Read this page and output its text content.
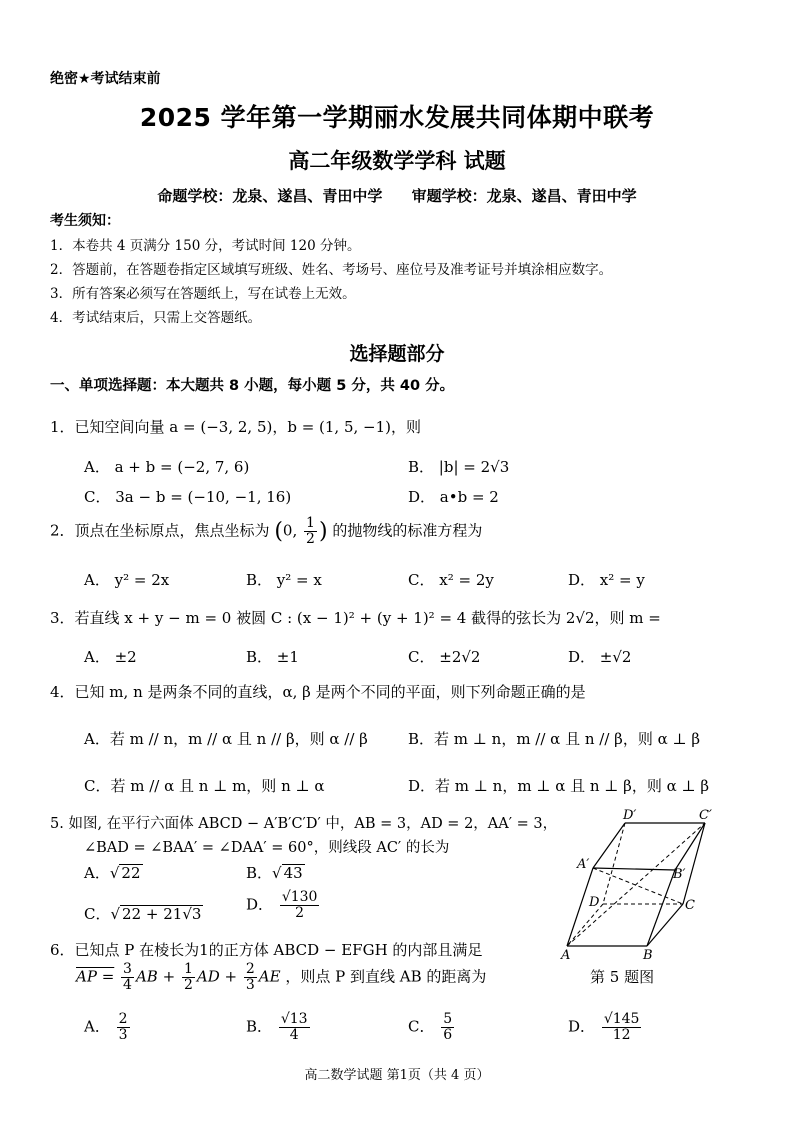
绝密★考试结束前
2025 学年第一学期丽水发展共同体期中联考
高二年级数学学科 试题
命题学校：龙泉、遂昌、青田中学 审题学校：龙泉、遂昌、青田中学
考生须知：
1．本卷共 4 页满分 150 分，考试时间 120 分钟。
2．答题前，在答题卷指定区域填写班级、姓名、考场号、座位号及准考证号并填涂相应数字。
3．所有答案必须写在答题纸上，写在试卷上无效。
4．考试结束后，只需上交答题纸。
选择题部分
一、单项选择题：本大题共 8 小题，每小题 5 分，共 40 分。
1．已知空间向量 a = (−3, 2, 5)，b = (1, 5, −1)，则
A． a + b = (−2, 7, 6)	B． |b| = 2√3
C． 3a − b = (−10, −1, 16)	D． a•b = 2
2．顶点在坐标原点，焦点坐标为 (0, $\frac{1}{2}$ ) 的抛物线的标准方程为
A． y² = 2x	B． y² = x	C． x² = 2y	D． x² = y
3．若直线 x + y − m = 0 被圆 C : (x − 1)² + (y + 1)² = 4 截得的弦长为 2√2，则 m =
A． ±2	B． ±1	C． ±2√2	D． ±√2
4．已知 m, n 是两条不同的直线，α, β 是两个不同的平面，则下列命题正确的是
A．若 m // n，m // α 且 n // β，则 α // β	B．若 m ⊥ n，m // α 且 n // β，则 α ⊥ β
C．若 m // α 且 n ⊥ m，则 n ⊥ α	D．若 m ⊥ n，m ⊥ α 且 n ⊥ β，则 α ⊥ β
5. 如图, 在平行六面体 ABCD − A′B′C′D′ 中，AB = 3，AD = 2，AA′ = 3，
∠BAD = ∠BAA′ = ∠DAA′ = 60°，则线段 AC′ 的长为
A．√ 22	B．√ 43
C．√ 22 + 21√3
D． $\frac{√130}{2}$
D′	C′
A′
B′
D	C
A	B
第 5 题图
6．已知点 P 在棱长为1的正方体 ABCD − EFGH 的内部且满足
AP = $\frac{3}{4}$ AB + $\frac{1}{2}$ AD + $\frac{2}{3}$ AE ，则点 P 到直线 AB 的距离为
A． $\frac{2}{3}$	B． $\frac{√13}{4}$	C． $\frac{5}{6}$	D． $\frac{√145}{12}$
高二数学试题 第1页（共 4 页）
